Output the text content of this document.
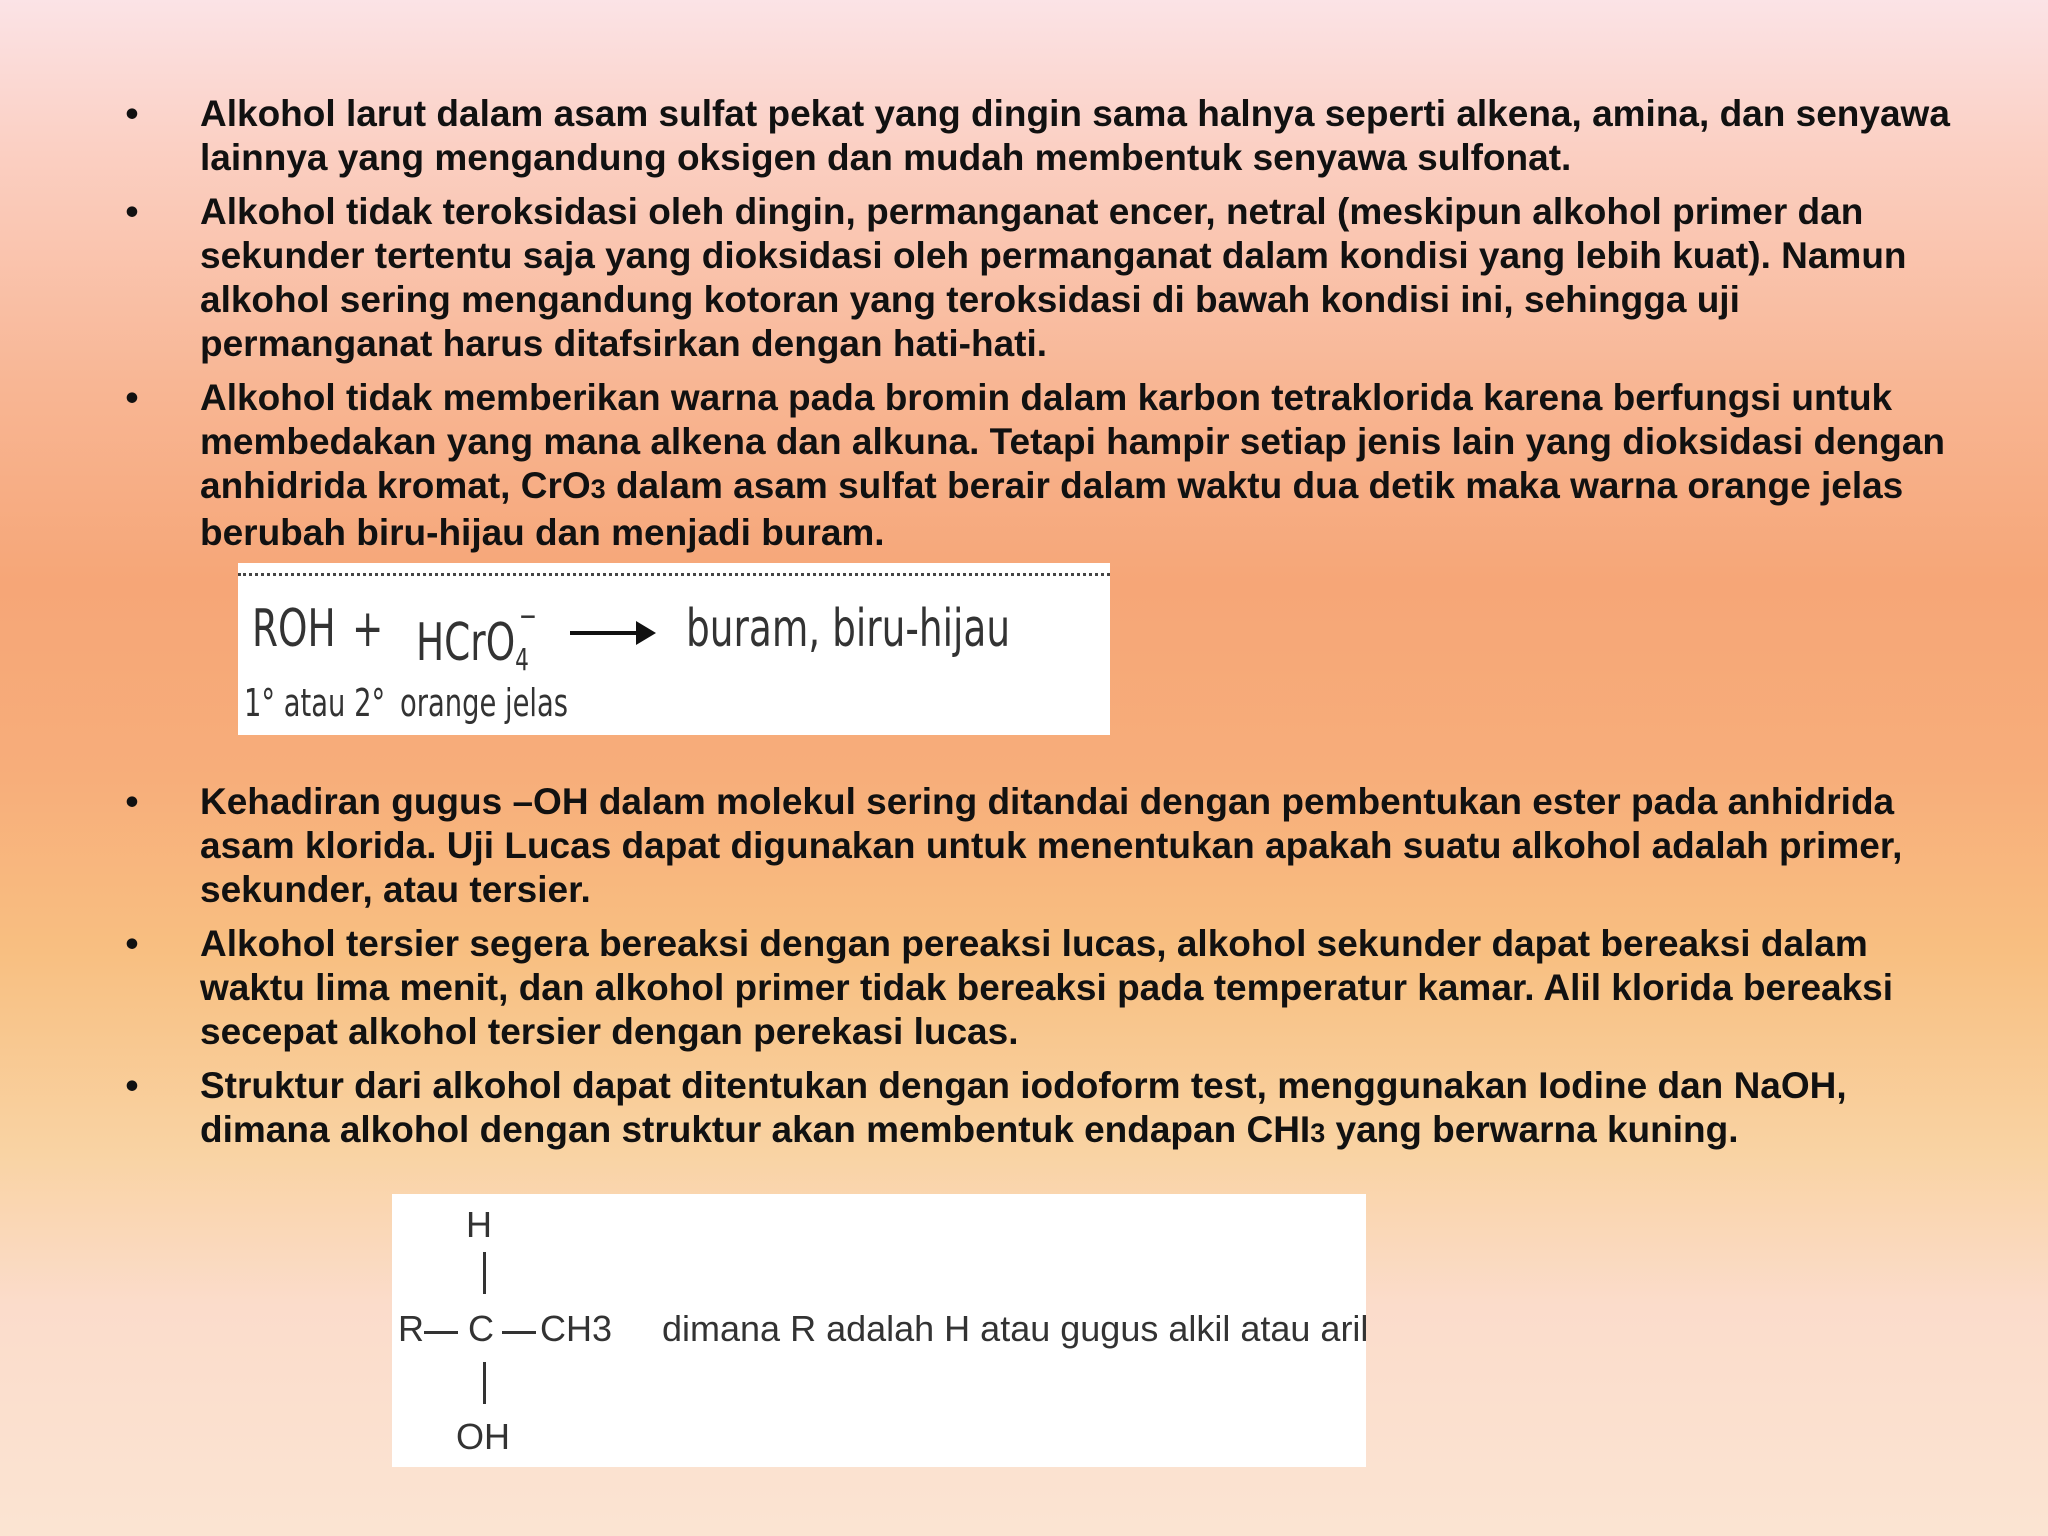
• Alkohol larut dalam asam sulfat pekat yang dingin sama halnya seperti alkena, amina, dan senyawa lainnya yang mengandung oksigen dan mudah membentuk senyawa sulfonat.
• Alkohol tidak teroksidasi oleh dingin, permanganat encer, netral (meskipun alkohol primer dan sekunder tertentu saja yang dioksidasi oleh permanganat dalam kondisi yang lebih kuat). Namun alkohol sering mengandung kotoran yang teroksidasi di bawah kondisi ini, sehingga uji permanganat harus ditafsirkan dengan hati-hati.
• Alkohol tidak memberikan warna pada bromin dalam karbon tetraklorida karena berfungsi untuk membedakan yang mana alkena dan alkuna. Tetapi hampir setiap jenis lain yang dioksidasi dengan anhidrida kromat, CrO3 dalam asam sulfat berair dalam waktu dua detik maka warna orange jelas berubah biru-hijau dan menjadi buram.
ROH + HCrO4−	buram, biru-hijau
1° atau 2° orange jelas
• Kehadiran gugus –OH dalam molekul sering ditandai dengan pembentukan ester pada anhidrida asam klorida. Uji Lucas dapat digunakan untuk menentukan apakah suatu alkohol adalah primer, sekunder, atau tersier.
• Alkohol tersier segera bereaksi dengan pereaksi lucas, alkohol sekunder dapat bereaksi dalam waktu lima menit, dan alkohol primer tidak bereaksi pada temperatur kamar. Alil klorida bereaksi secepat alkohol tersier dengan perekasi lucas.
• Struktur dari alkohol dapat ditentukan dengan iodoform test, menggunakan Iodine dan NaOH, dimana alkohol dengan struktur akan membentuk endapan CHI3 yang berwarna kuning.
H
R C CH3
OH
dimana R adalah H atau gugus alkil atau aril
